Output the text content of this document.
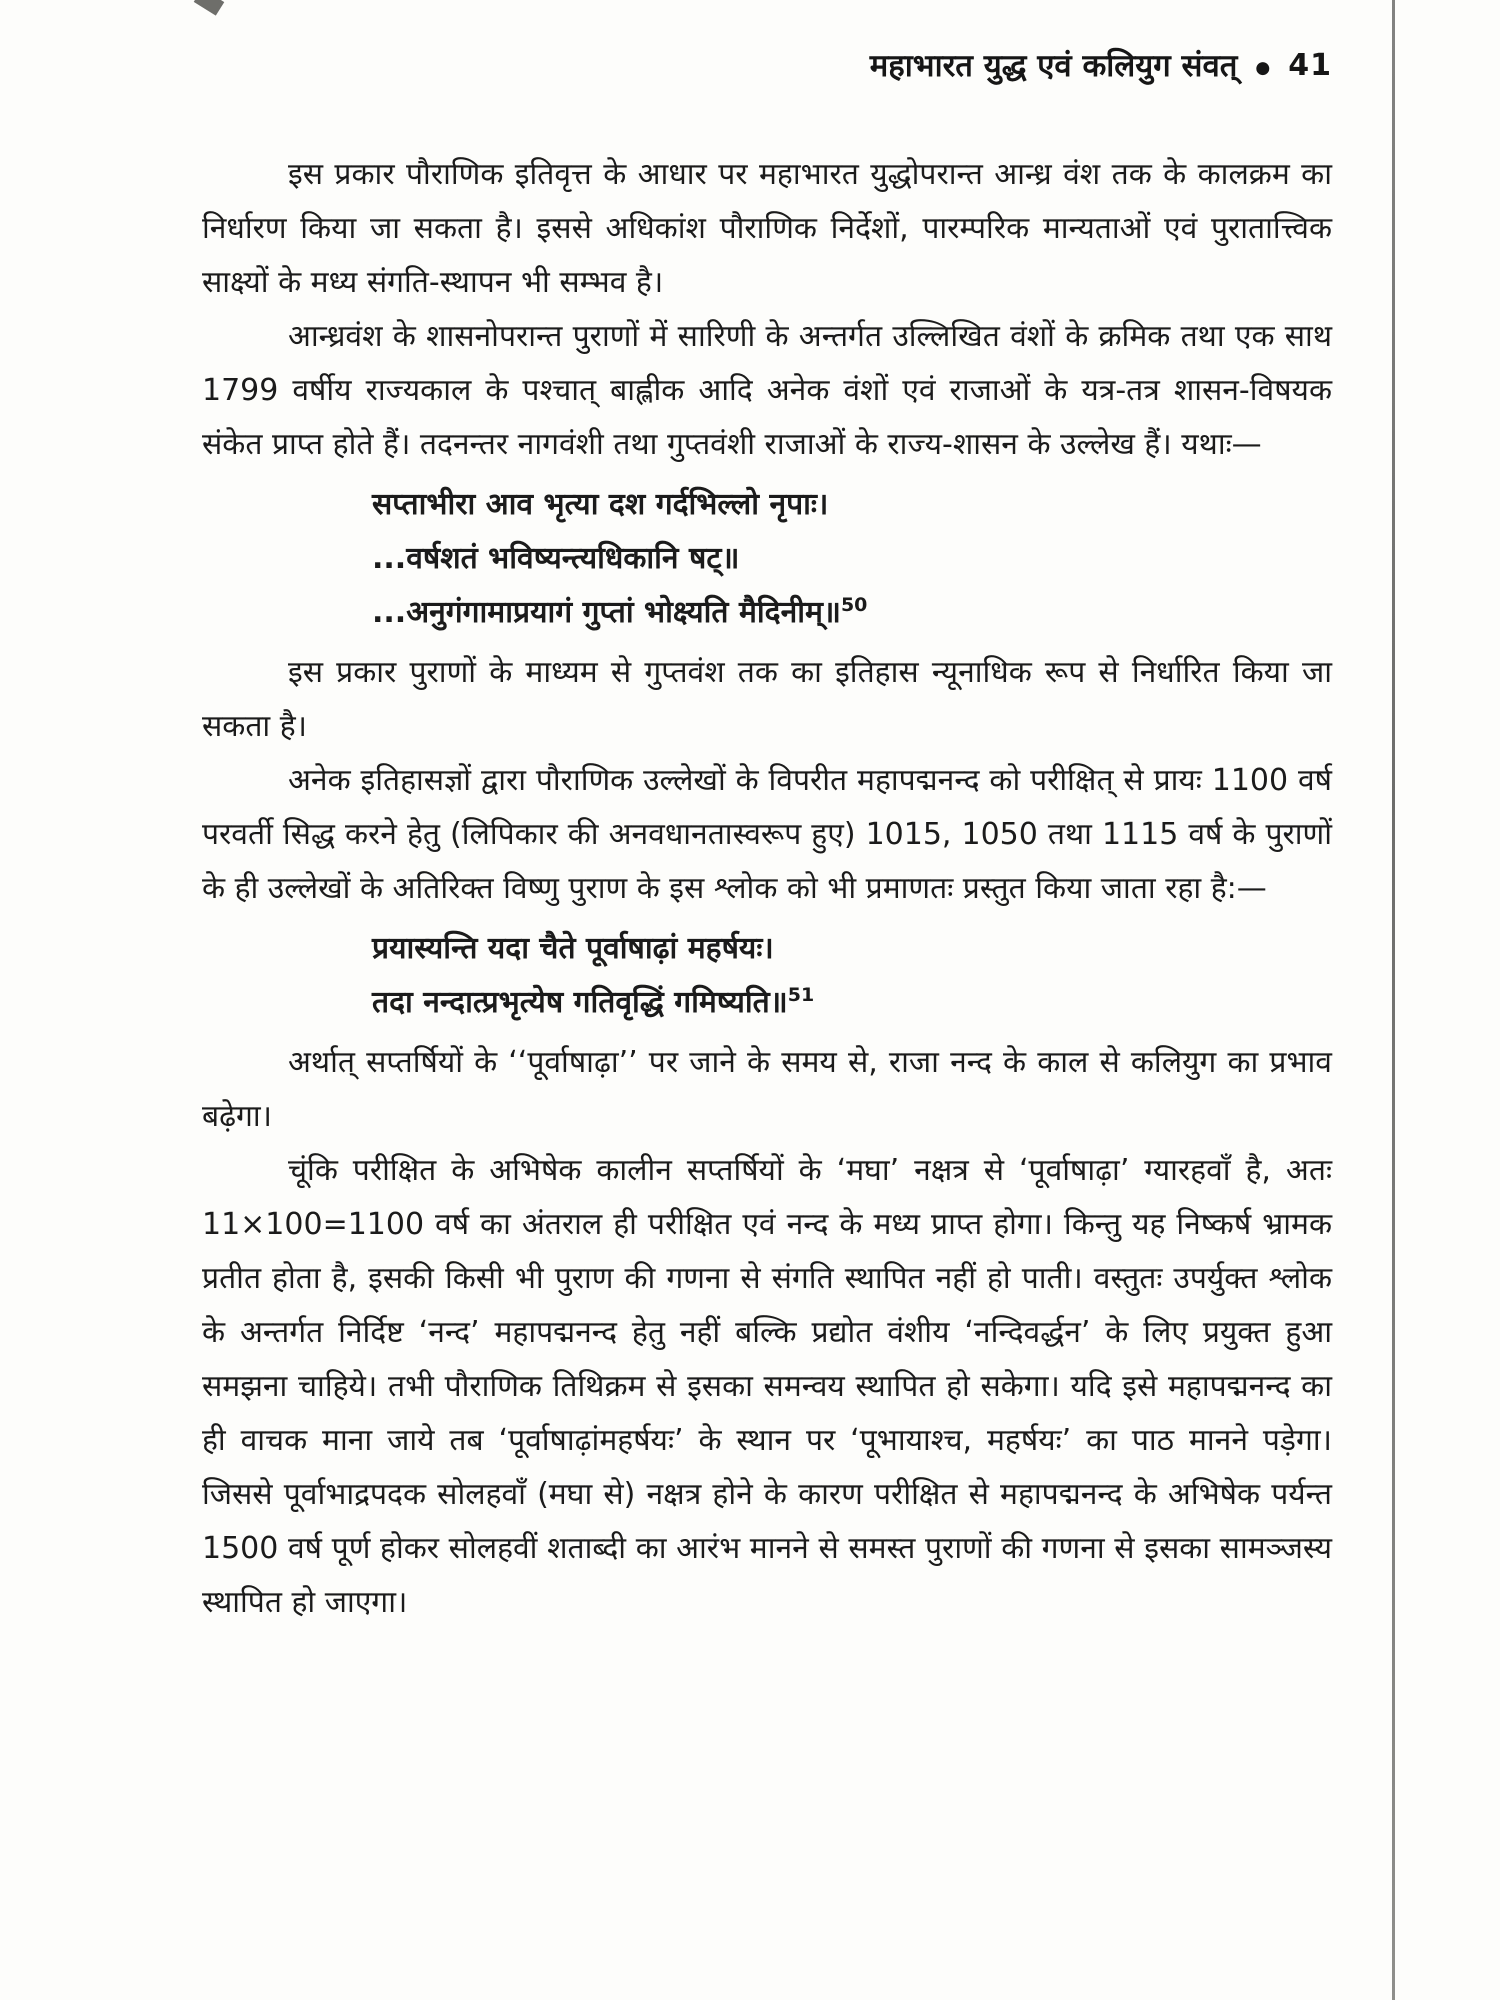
महाभारत युद्ध एवं कलियुग संवत् ● 41

इस प्रकार पौराणिक इतिवृत्त के आधार पर महाभारत युद्धोपरान्त आन्ध्र वंश तक के कालक्रम का निर्धारण किया जा सकता है। इससे अधिकांश पौराणिक निर्देशों, पारम्परिक मान्यताओं एवं पुरातात्त्विक साक्ष्यों के मध्य संगति-स्थापन भी सम्भव है।

आन्ध्रवंश के शासनोपरान्त पुराणों में सारिणी के अन्तर्गत उल्लिखित वंशों के क्रमिक तथा एक साथ 1799 वर्षीय राज्यकाल के पश्चात् बाह्लीक आदि अनेक वंशों एवं राजाओं के यत्र-तत्र शासन-विषयक संकेत प्राप्त होते हैं। तदनन्तर नागवंशी तथा गुप्तवंशी राजाओं के राज्य-शासन के उल्लेख हैं। यथाः—

सप्ताभीरा आव भृत्या दश गर्दभिल्लो नृपाः।

...वर्षशतं भविष्यन्त्यधिकानि षट्॥

...अनुगंगामाप्रयागं गुप्तां भोक्ष्यति मैदिनीम्॥$^{50}$

इस प्रकार पुराणों के माध्यम से गुप्तवंश तक का इतिहास न्यूनाधिक रूप से निर्धारित किया जा सकता है।

अनेक इतिहासज्ञों द्वारा पौराणिक उल्लेखों के विपरीत महापद्मनन्द को परीक्षित् से प्रायः 1100 वर्ष परवर्ती सिद्ध करने हेतु (लिपिकार की अनवधानतास्वरूप हुए) 1015, 1050 तथा 1115 वर्ष के पुराणों के ही उल्लेखों के अतिरिक्त विष्णु पुराण के इस श्लोक को भी प्रमाणतः प्रस्तुत किया जाता रहा है:—

प्रयास्यन्ति यदा चैते पूर्वाषाढ़ां महर्षयः।

तदा नन्दात्प्रभृत्येष गतिवृद्धिं गमिष्यति॥$^{51}$

अर्थात् सप्तर्षियों के ‘‘पूर्वाषाढ़ा’’ पर जाने के समय से, राजा नन्द के काल से कलियुग का प्रभाव बढ़ेगा।

चूंकि परीक्षित के अभिषेक कालीन सप्तर्षियों के ‘मघा’ नक्षत्र से ‘पूर्वाषाढ़ा’ ग्यारहवाँ है, अतः 11×100=1100 वर्ष का अंतराल ही परीक्षित एवं नन्द के मध्य प्राप्त होगा। किन्तु यह निष्कर्ष भ्रामक प्रतीत होता है, इसकी किसी भी पुराण की गणना से संगति स्थापित नहीं हो पाती। वस्तुतः उपर्युक्त श्लोक के अन्तर्गत निर्दिष्ट ‘नन्द’ महापद्मनन्द हेतु नहीं बल्कि प्रद्योत वंशीय ‘नन्दिवर्द्धन’ के लिए प्रयुक्त हुआ समझना चाहिये। तभी पौराणिक तिथिक्रम से इसका समन्वय स्थापित हो सकेगा। यदि इसे महापद्मनन्द का ही वाचक माना जाये तब ‘पूर्वाषाढ़ांमहर्षयः’ के स्थान पर ‘पूभायाश्च, महर्षयः’ का पाठ मानने पड़ेगा। जिससे पूर्वाभाद्रपदक सोलहवाँ (मघा से) नक्षत्र होने के कारण परीक्षित से महापद्मनन्द के अभिषेक पर्यन्त 1500 वर्ष पूर्ण होकर सोलहवीं शताब्दी का आरंभ मानने से समस्त पुराणों की गणना से इसका सामञ्जस्य स्थापित हो जाएगा।
